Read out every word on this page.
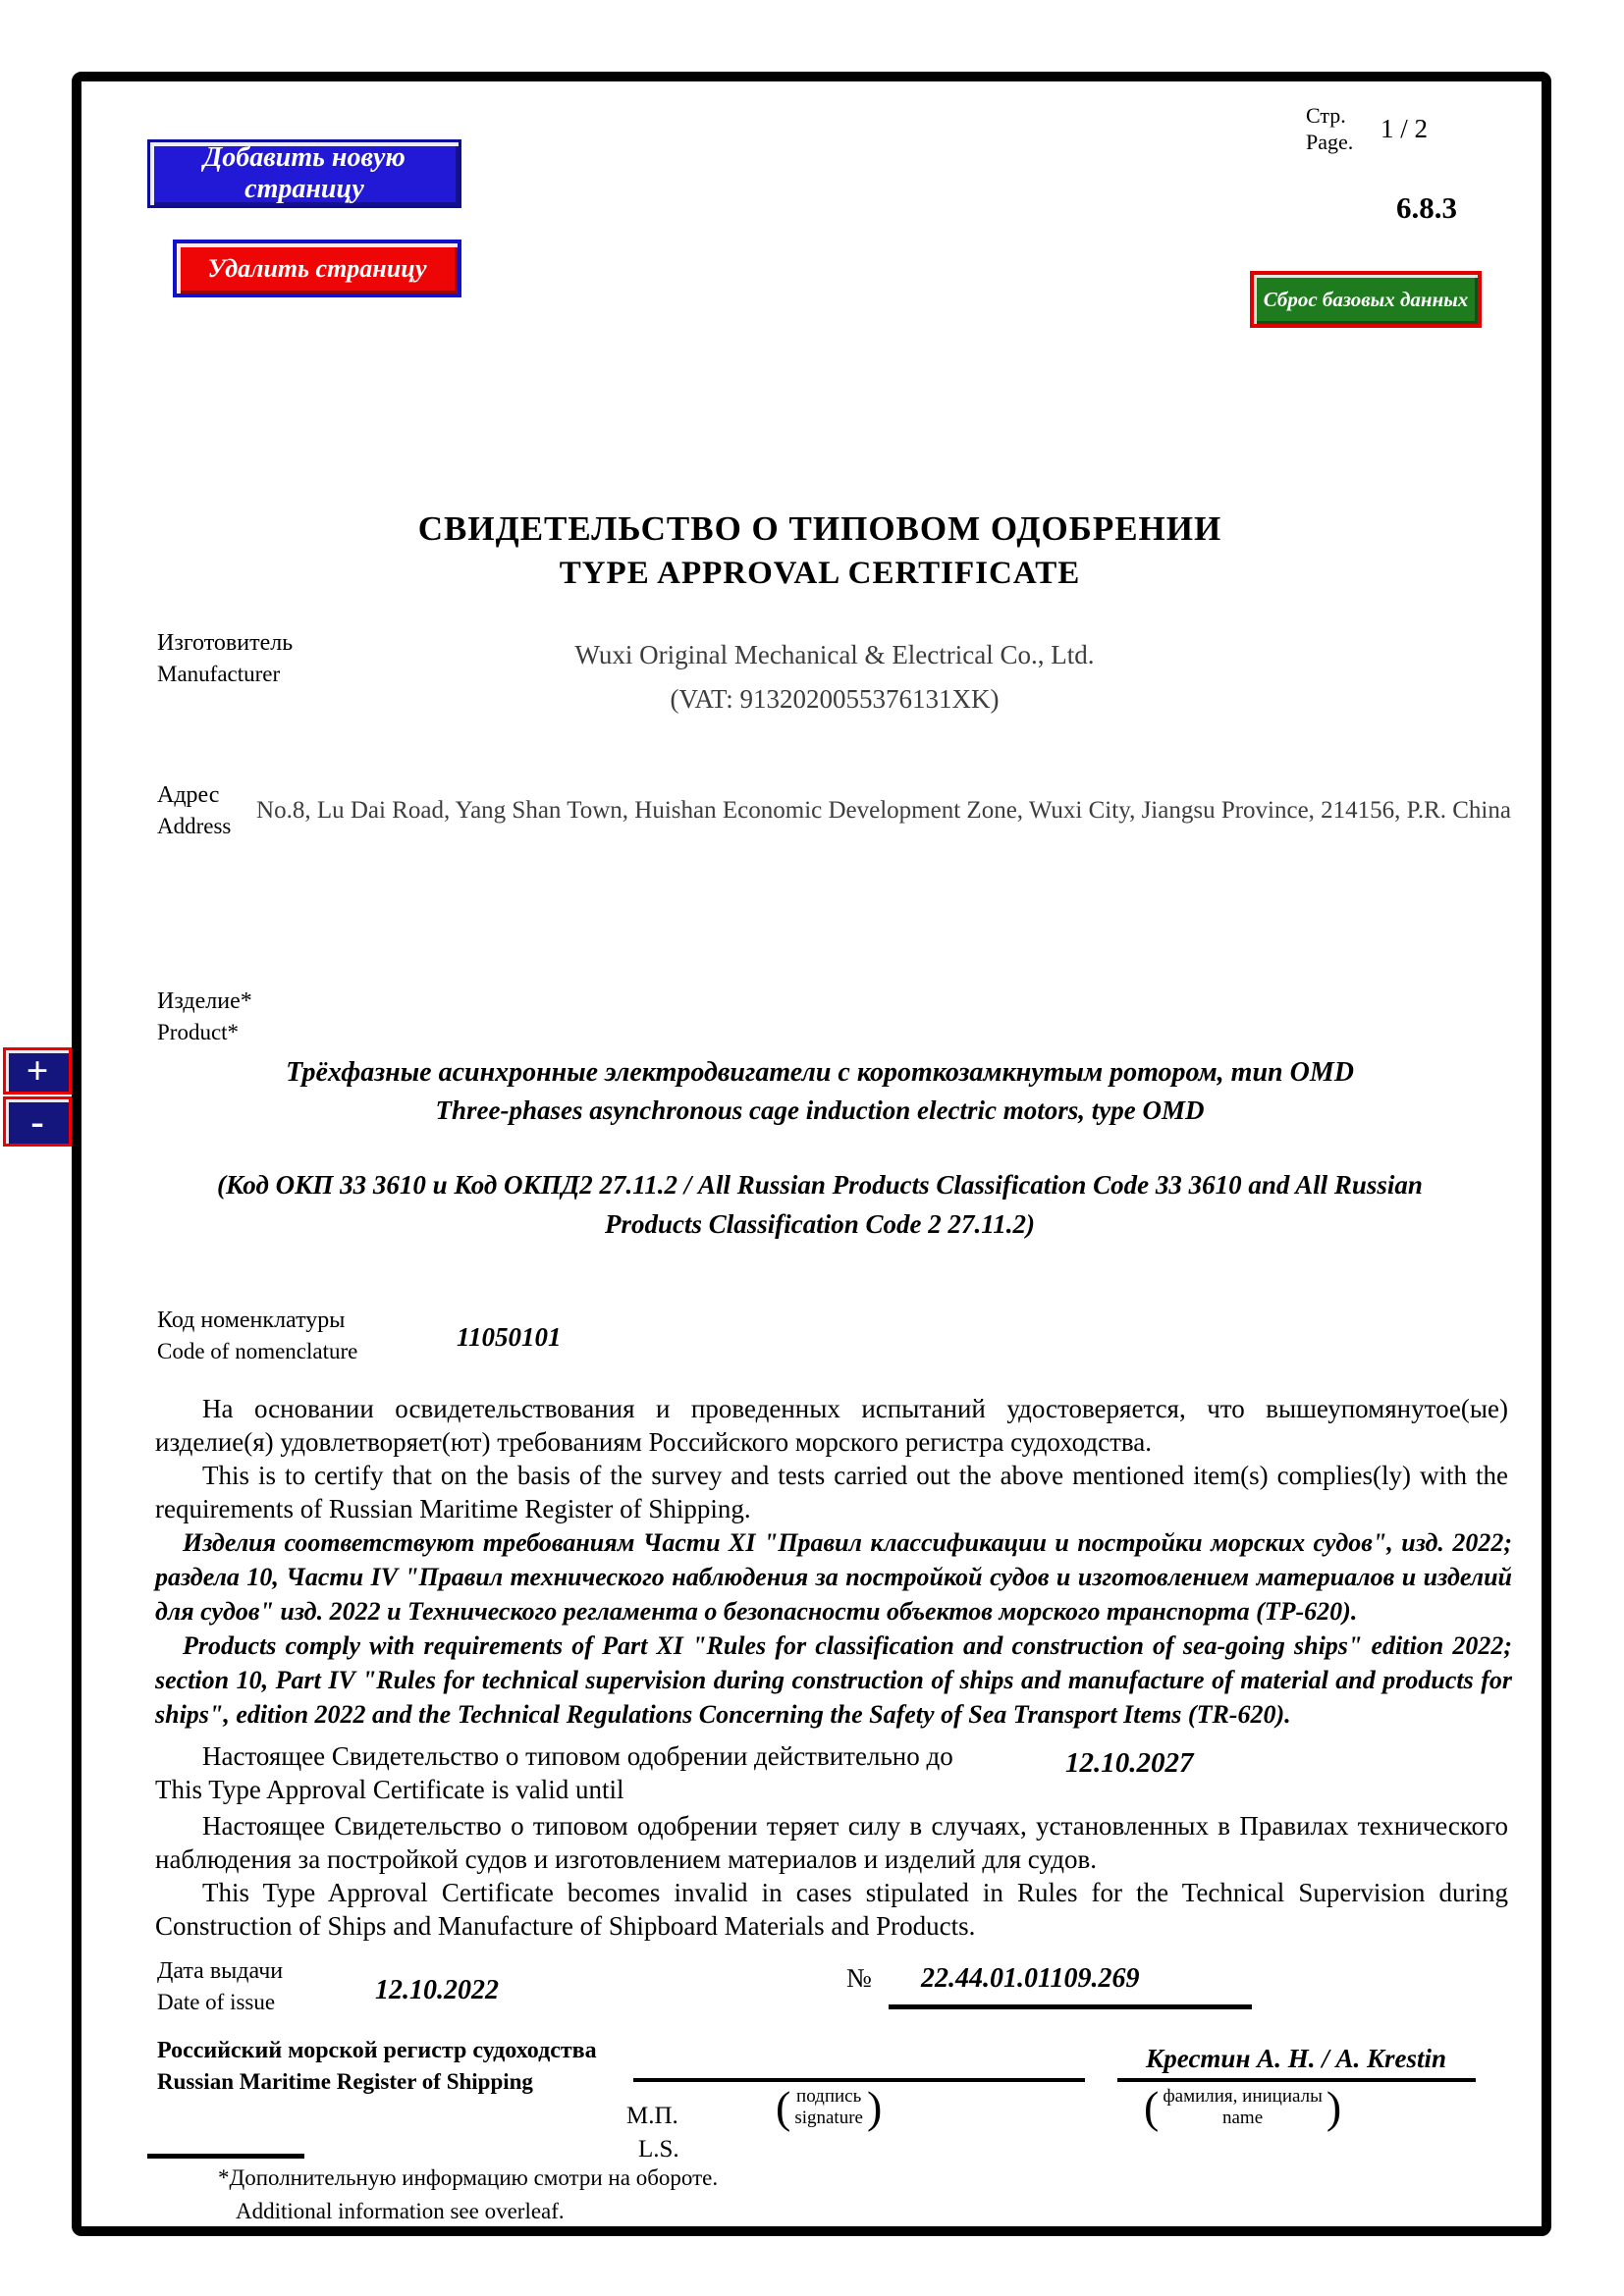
Добавить новую страницу
Удалить страницу
Сброс базовых данных
+
-
Стр.
Page. 1 / 2
6.8.3
СВИДЕТЕЛЬСТВО О ТИПОВОМ ОДОБРЕНИИ
TYPE APPROVAL CERTIFICATE
Изготовитель
Manufacturer
Wuxi Original Mechanical & Electrical Co., Ltd.
(VAT: 9132020055376131XK)
Адрес
Address
No.8, Lu Dai Road, Yang Shan Town, Huishan Economic Development Zone, Wuxi City, Jiangsu Province, 214156, P.R. China
Изделие*
Product*
Трёхфазные асинхронные электродвигатели с короткозамкнутым ротором, тип OMD
Three-phases asynchronous cage induction electric motors, type OMD
(Код ОКП 33 3610 и Код ОКПД2 27.11.2 / All Russian Products Classification Code 33 3610 and All Russian Products Classification Code 2 27.11.2)
Код номенклатуры
Code of nomenclature	11050101

На основании освидетельствования и проведенных испытаний удостоверяется, что вышеупомянутое(ые) изделие(я) удовлетворяет(ют) требованиям Российского морского регистра судоходства.

This is to certify that on the basis of the survey and tests carried out the above mentioned item(s) complies(ly) with the requirements of Russian Maritime Register of Shipping.

Изделия соответствуют требованиям Части XI "Правил классификации и постройки морских судов", изд. 2022; раздела 10, Части IV "Правил технического наблюдения за постройкой судов и изготовлением материалов и изделий для судов" изд. 2022 и Технического регламента о безопасности объектов морского транспорта (ТР-620).

Products comply with requirements of Part XI "Rules for classification and construction of sea-going ships" edition 2022; section 10, Part IV "Rules for technical supervision during construction of ships and manufacture of material and products for ships", edition 2022 and the Technical Regulations Concerning the Safety of Sea Transport Items (TR-620).

Настоящее Свидетельство о типовом одобрении действительно до
This Type Approval Certificate is valid until
12.10.2027

Настоящее Свидетельство о типовом одобрении теряет силу в случаях, установленных в Правилах технического наблюдения за постройкой судов и изготовлением материалов и изделий для судов.

This Type Approval Certificate becomes invalid in cases stipulated in Rules for the Technical Supervision during Construction of Ships and Manufacture of Shipboard Materials and Products.

Дата выдачи
Date of issue	12.10.2022	№ 22.44.01.01109.269
Российский морской регистр судоходства
Russian Maritime Register of Shipping
М.П.
L.S.
( подпись
signature )
Крестин А. Н. / A. Krestin
( фамилия, инициалы
name )
*Дополнительную информацию смотри на обороте.
Additional information see overleaf.
